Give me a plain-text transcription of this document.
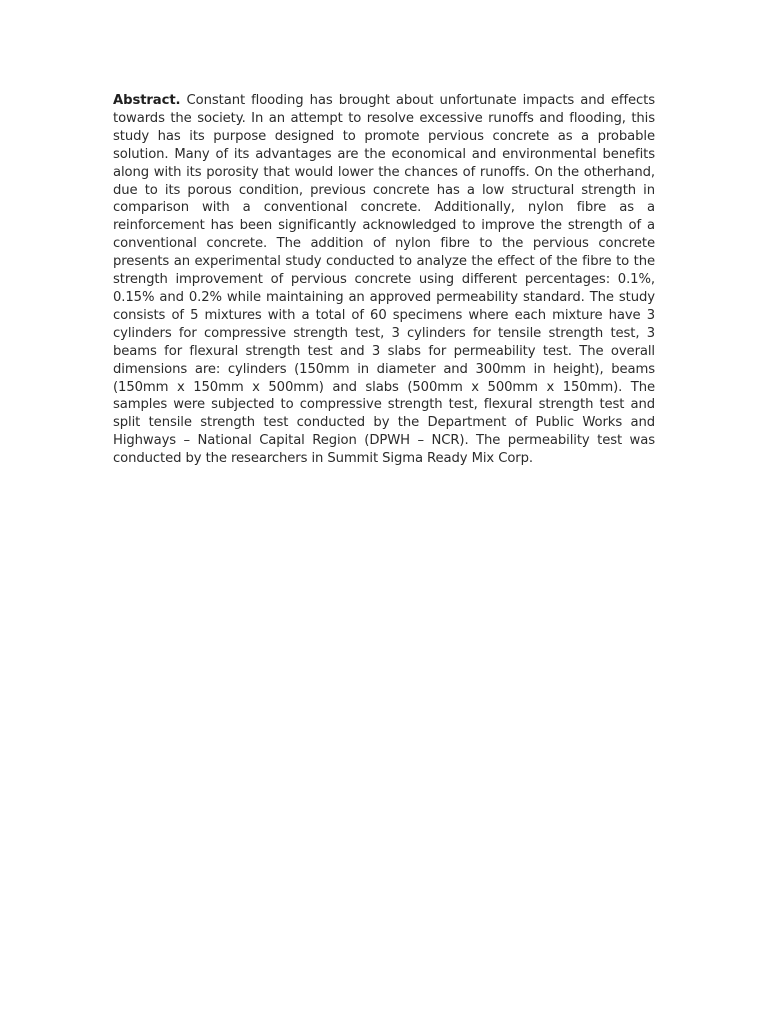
Abstract. Constant flooding has brought about unfortunate impacts and effects towards the society. In an attempt to resolve excessive runoffs and flooding, this study has its purpose designed to promote pervious concrete as a probable solution. Many of its advantages are the economical and environmental benefits along with its porosity that would lower the chances of runoffs. On the otherhand, due to its porous condition, previous concrete has a low structural strength in comparison with a conventional concrete. Additionally, nylon fibre as a reinforcement has been significantly acknowledged to improve the strength of a conventional concrete. The addition of nylon fibre to the pervious concrete presents an experimental study conducted to analyze the effect of the fibre to the strength improvement of pervious concrete using different percentages: 0.1%, 0.15% and 0.2% while maintaining an approved permeability standard. The study consists of 5 mixtures with a total of 60 specimens where each mixture have 3 cylinders for compressive strength test, 3 cylinders for tensile strength test, 3 beams for flexural strength test and 3 slabs for permeability test. The overall dimensions are: cylinders (150mm in diameter and 300mm in height), beams (150mm x 150mm x 500mm) and slabs (500mm x 500mm x 150mm). The samples were subjected to compressive strength test, flexural strength test and split tensile strength test conducted by the Department of Public Works and Highways – National Capital Region (DPWH – NCR). The permeability test was conducted by the researchers in Summit Sigma Ready Mix Corp.
